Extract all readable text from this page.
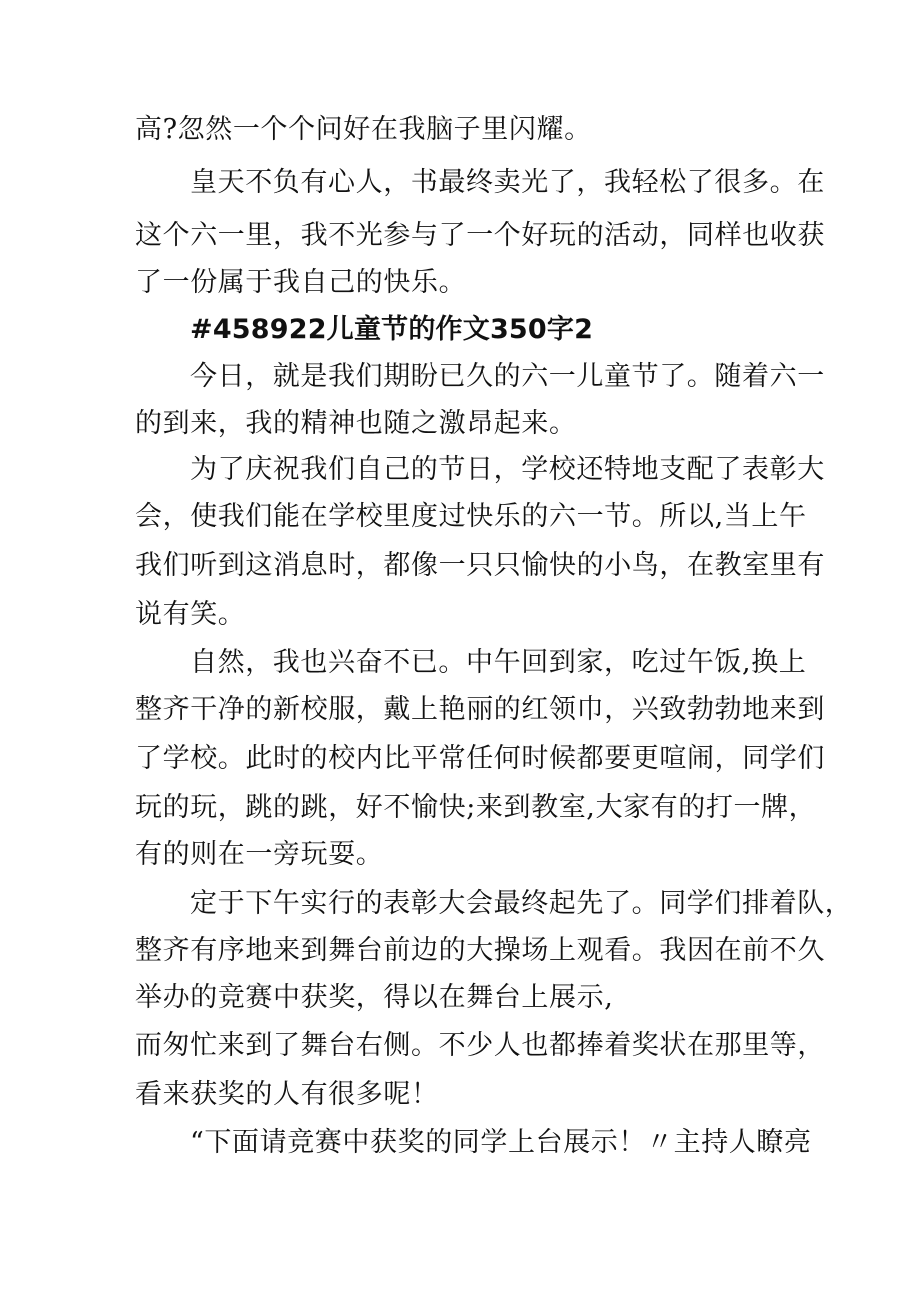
高?忽然一个个问好在我脑子里闪耀。
皇天不负有心人，书最终卖光了，我轻松了很多。在
这个六一里，我不光参与了一个好玩的活动，同样也收获
了一份属于我自己的快乐。
#458922儿童节的作文350字2
今日，就是我们期盼已久的六一儿童节了。随着六一
的到来，我的精神也随之激昂起来。
为了庆祝我们自己的节日，学校还特地支配了表彰大
会，使我们能在学校里度过快乐的六一节。所以,当上午
我们听到这消息时，都像一只只愉快的小鸟，在教室里有
说有笑。
自然，我也兴奋不已。中午回到家，吃过午饭,换上
整齐干净的新校服，戴上艳丽的红领巾，兴致勃勃地来到
了学校。此时的校内比平常任何时候都要更喧闹，同学们
玩的玩，跳的跳，好不愉快;来到教室,大家有的打一牌，
有的则在一旁玩耍。
定于下午实行的表彰大会最终起先了。同学们排着队，
整齐有序地来到舞台前边的大操场上观看。我因在前不久
举办的竞赛中获奖，得以在舞台上展示,
而匆忙来到了舞台右侧。不少人也都捧着奖状在那里等，
看来获奖的人有很多呢！
“下面请竞赛中获奖的同学上台展示！〃主持人瞭亮
